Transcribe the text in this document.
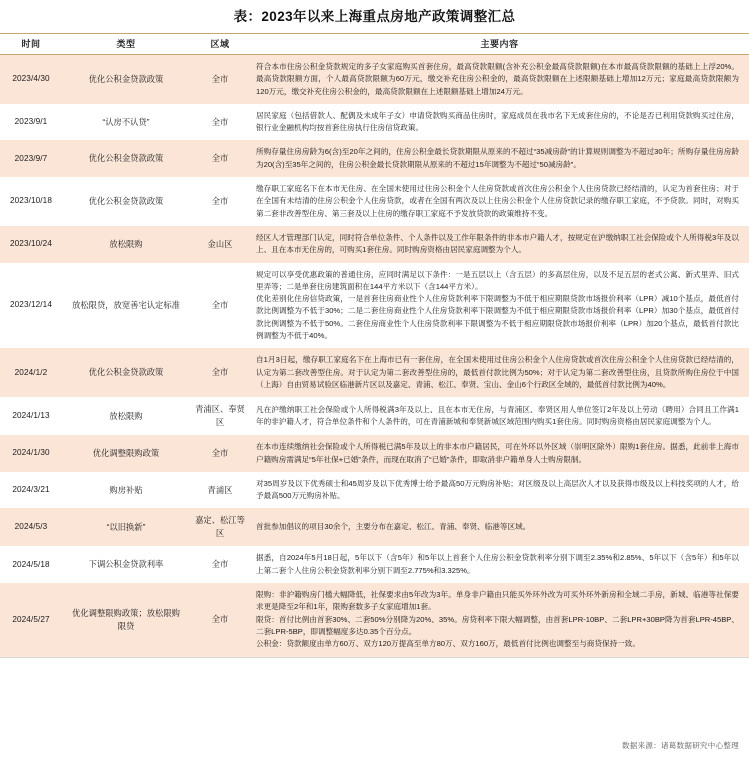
表：2023年以来上海重点房地产政策调整汇总
时间	类型	区域	主要内容
2023/4/30	优化公积金贷款政策	全市	符合本市住房公积金贷款规定的多子女家庭购买首套住房，最高贷款限额(含补充公积金最高贷款限额)在本市最高贷款限额的基础上上浮20%。最高贷款限额方面，个人最高贷款限额为60万元，缴交补充住房公积金的，最高贷款限额在上述限额基础上增加12万元；家庭最高贷款限额为120万元，缴交补充住房公积金的，最高贷款限额在上述限额基础上增加24万元。

2023/9/1	“认房不认贷”	全市	居民家庭（包括借款人、配偶及未成年子女）申请贷款购买商品住房时，家庭成员在我市名下无成套住房的，不论是否已利用贷款购买过住房，银行业金融机构均按首套住房执行住房信贷政策。

2023/9/7	优化公积金贷款政策	全市	所购存量住房房龄为6(含)至20年之间的，住房公积金最长贷款期限从原来的不超过“35减房龄”的计算规则调整为不超过30年；所购存量住房房龄为20(含)至35年之间的，住房公积金最长贷款期限从原来的不超过15年调整为不超过“50减房龄”。

2023/10/18	优化公积金贷款政策	全市	缴存职工家庭名下在本市无住房、在全国未使用过住房公积金个人住房贷款或首次住房公积金个人住房贷款已经结清的，认定为首套住房；对于在全国有未结清的住房公积金个人住房贷款，或者在全国有两次及以上住房公积金个人住房贷款记录的缴存职工家庭，不予贷款。同时，对购买第二套非改善型住房、第三套及以上住房的缴存职工家庭不予发放贷款的政策维持不变。

2023/10/24	放松限购	金山区	经区人才管理部门认定，同时符合单位条件、个人条件以及工作年限条件的非本市户籍人才，按规定在沪缴纳职工社会保险或个人所得税3年及以上、且在本市无住房的，可购买1套住房。同时购房资格由居民家庭调整为个人。

2023/12/14	放松限贷，放宽善宅认定标准	全市	规定可以享受优惠政策的普通住房，应同时满足以下条件：一是五层以上（含五层）的多高层住房，以及不足五层的老式公寓、新式里弄、旧式里弄等；二是单套住房建筑面积在144平方米以下（含144平方米）。

优化差别化住房信贷政策，一是首套住房商业性个人住房贷款利率下限调整为不低于相应期限贷款市场报价利率（LPR）减10个基点，最低首付款比例调整为不低于30%；二是二套住房商业性个人住房贷款利率下限调整为不低于相应期限贷款市场报价利率（LPR）加30个基点，最低首付款比例调整为不低于50%。二套住房商业性个人住房贷款利率下限调整为不低于相应期限贷款市场报价利率（LPR）加20个基点，最低首付款比例调整为不低于40%。

2024/1/2	优化公积金贷款政策	全市	自1月3日起，缴存职工家庭名下在上海市已有一套住房，在全国未使用过住房公积金个人住房贷款或首次住房公积金个人住房贷款已经结清的，认定为第二套改善型住房。对于认定为第二套改善型住房的，最低首付款比例为50%；对于认定为第二套改善型住房，且贷款所购住房位于中国（上海）自由贸易试验区临港新片区以及嘉定、青浦、松江、奉贤、宝山、金山6个行政区全域的，最低首付款比例为40%。

2024/1/13	放松限购	青浦区、奉贤区	凡在沪缴纳职工社会保险或个人所得税满3年及以上、且在本市无住房，与青浦区、奉贤区用人单位签订2年及以上劳动（聘用）合同且工作满1年的非沪籍人才，符合单位条件和个人条件的，可在青浦新城和奉贤新城区域范围内购买1套住房。同时购房资格由居民家庭调整为个人。

2024/1/30	优化调整限购政策	全市	在本市连续缴纳社会保险或个人所得税已满5年及以上的非本市户籍居民，可在外环以外区域（崇明区除外）限购1套住房。据悉，此前非上海市户籍购房需满足“5年社保+已婚”条件，而现在取消了“已婚”条件，即取消非户籍单身人士购房限制。

2024/3/21	购房补贴	青浦区	对35周岁及以下优秀硕士和45周岁及以下优秀博士给予最高50万元购房补贴；对区级及以上高层次人才以及获得市级及以上科技奖项的人才，给予最高500万元购房补贴。

2024/5/3	“以旧换新”	嘉定、松江等区	首批参加倡议的项目30余个，主要分布在嘉定、松江、青浦、奉贤、临港等区域。

2024/5/18	下调公积金贷款利率	全市	据悉，自2024年5月18日起，5年以下（含5年）和5年以上首套个人住房公积金贷款利率分别下调至2.35%和2.85%、5年以下（含5年）和5年以上第二套个人住房公积金贷款利率分别下调至2.775%和3.325%。

2024/5/27	优化调整限购政策；放松限购限贷	全市	限购：非沪籍购房门槛大幅降低，社保要求由5年改为3年。单身非户籍由只能买外环外改为可买外环外新房和全域二手房，新城、临港等社保要求更是降至2年和1年，限购套数多子女家庭增加1套。

限贷：首付比例由首套30%、二套50%分别降为20%、35%。房贷利率下限大幅调整，由首套LPR-10BP、二套LPR+30BP降为首套LPR-45BP、二套LPR-5BP，即调整幅度多达0.35个百分点。

公积金：贷款额度由单方60万、双方120万提高至单方80万、双方160万，最低首付比例也调整至与商贷保持一致。

数据来源：诸葛数据研究中心整理
